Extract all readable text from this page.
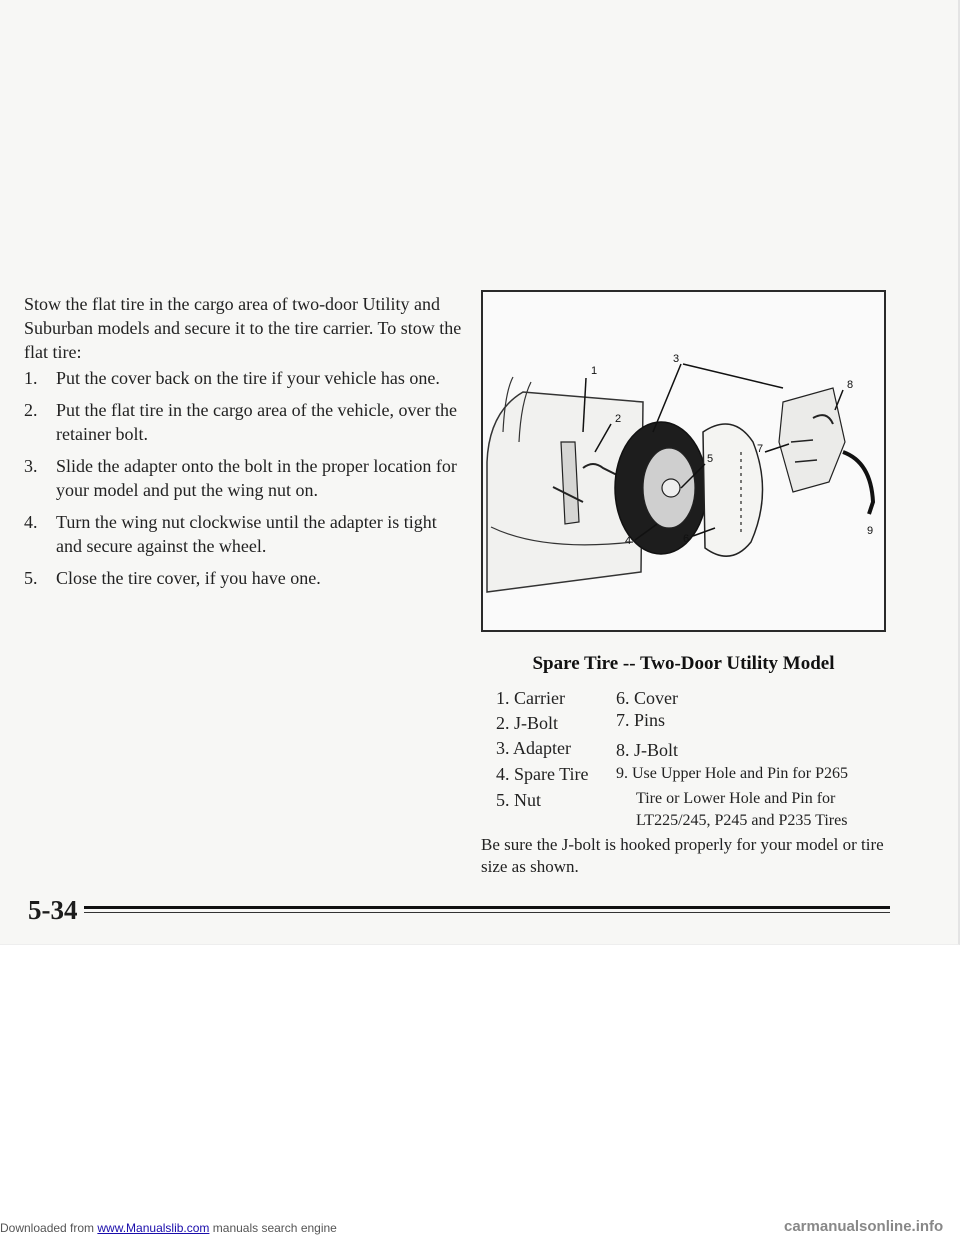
Stow the flat tire in the cargo area of two-door Utility and Suburban models and secure it to the tire carrier. To stow the flat tire:
1.	Put the cover back on the tire if your vehicle has one.
2.	Put the flat tire in the cargo area of the vehicle, over the retainer bolt.
3.	Slide the adapter onto the bolt in the proper location for your model and put the wing nut on.
4.	Turn the wing nut clockwise until the adapter is tight and secure against the wheel.
5.	Close the tire cover, if you have one.
1
2
3
4
5
6
7
8
9
Spare Tire -- Two-Door Utility Model
1. Carrier
2. J-Bolt
3. Adapter
4. Spare Tire
5. Nut
6. Cover
7. Pins
8. J-Bolt
9. Use Upper Hole and Pin for P265
Tire or Lower Hole and Pin for
LT225/245, P245 and P235 Tires
Be sure the J-bolt is hooked properly for your model or tire size as shown.
5-34
Downloaded from www.Manualslib.com manuals search engine	carmanualsonline.info
